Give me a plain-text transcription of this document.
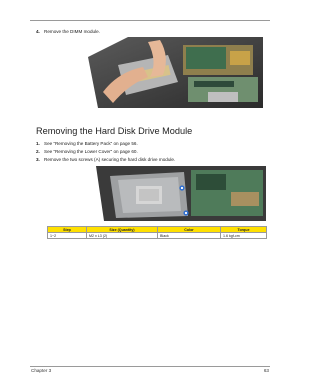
4. Remove the DIMM module.
Removing the Hard Disk Drive Module
1. See “Removing the Battery Pack” on page 56.
2. See “Removing the Lower Cover” on page 60.
3. Remove the two screws (A) securing the hard disk drive module.
Step	Size (Quantity)	Color	Torque
1~2	M2 x L3 (2)	Black	1.6 kgf-cm
Chapter 3	63
